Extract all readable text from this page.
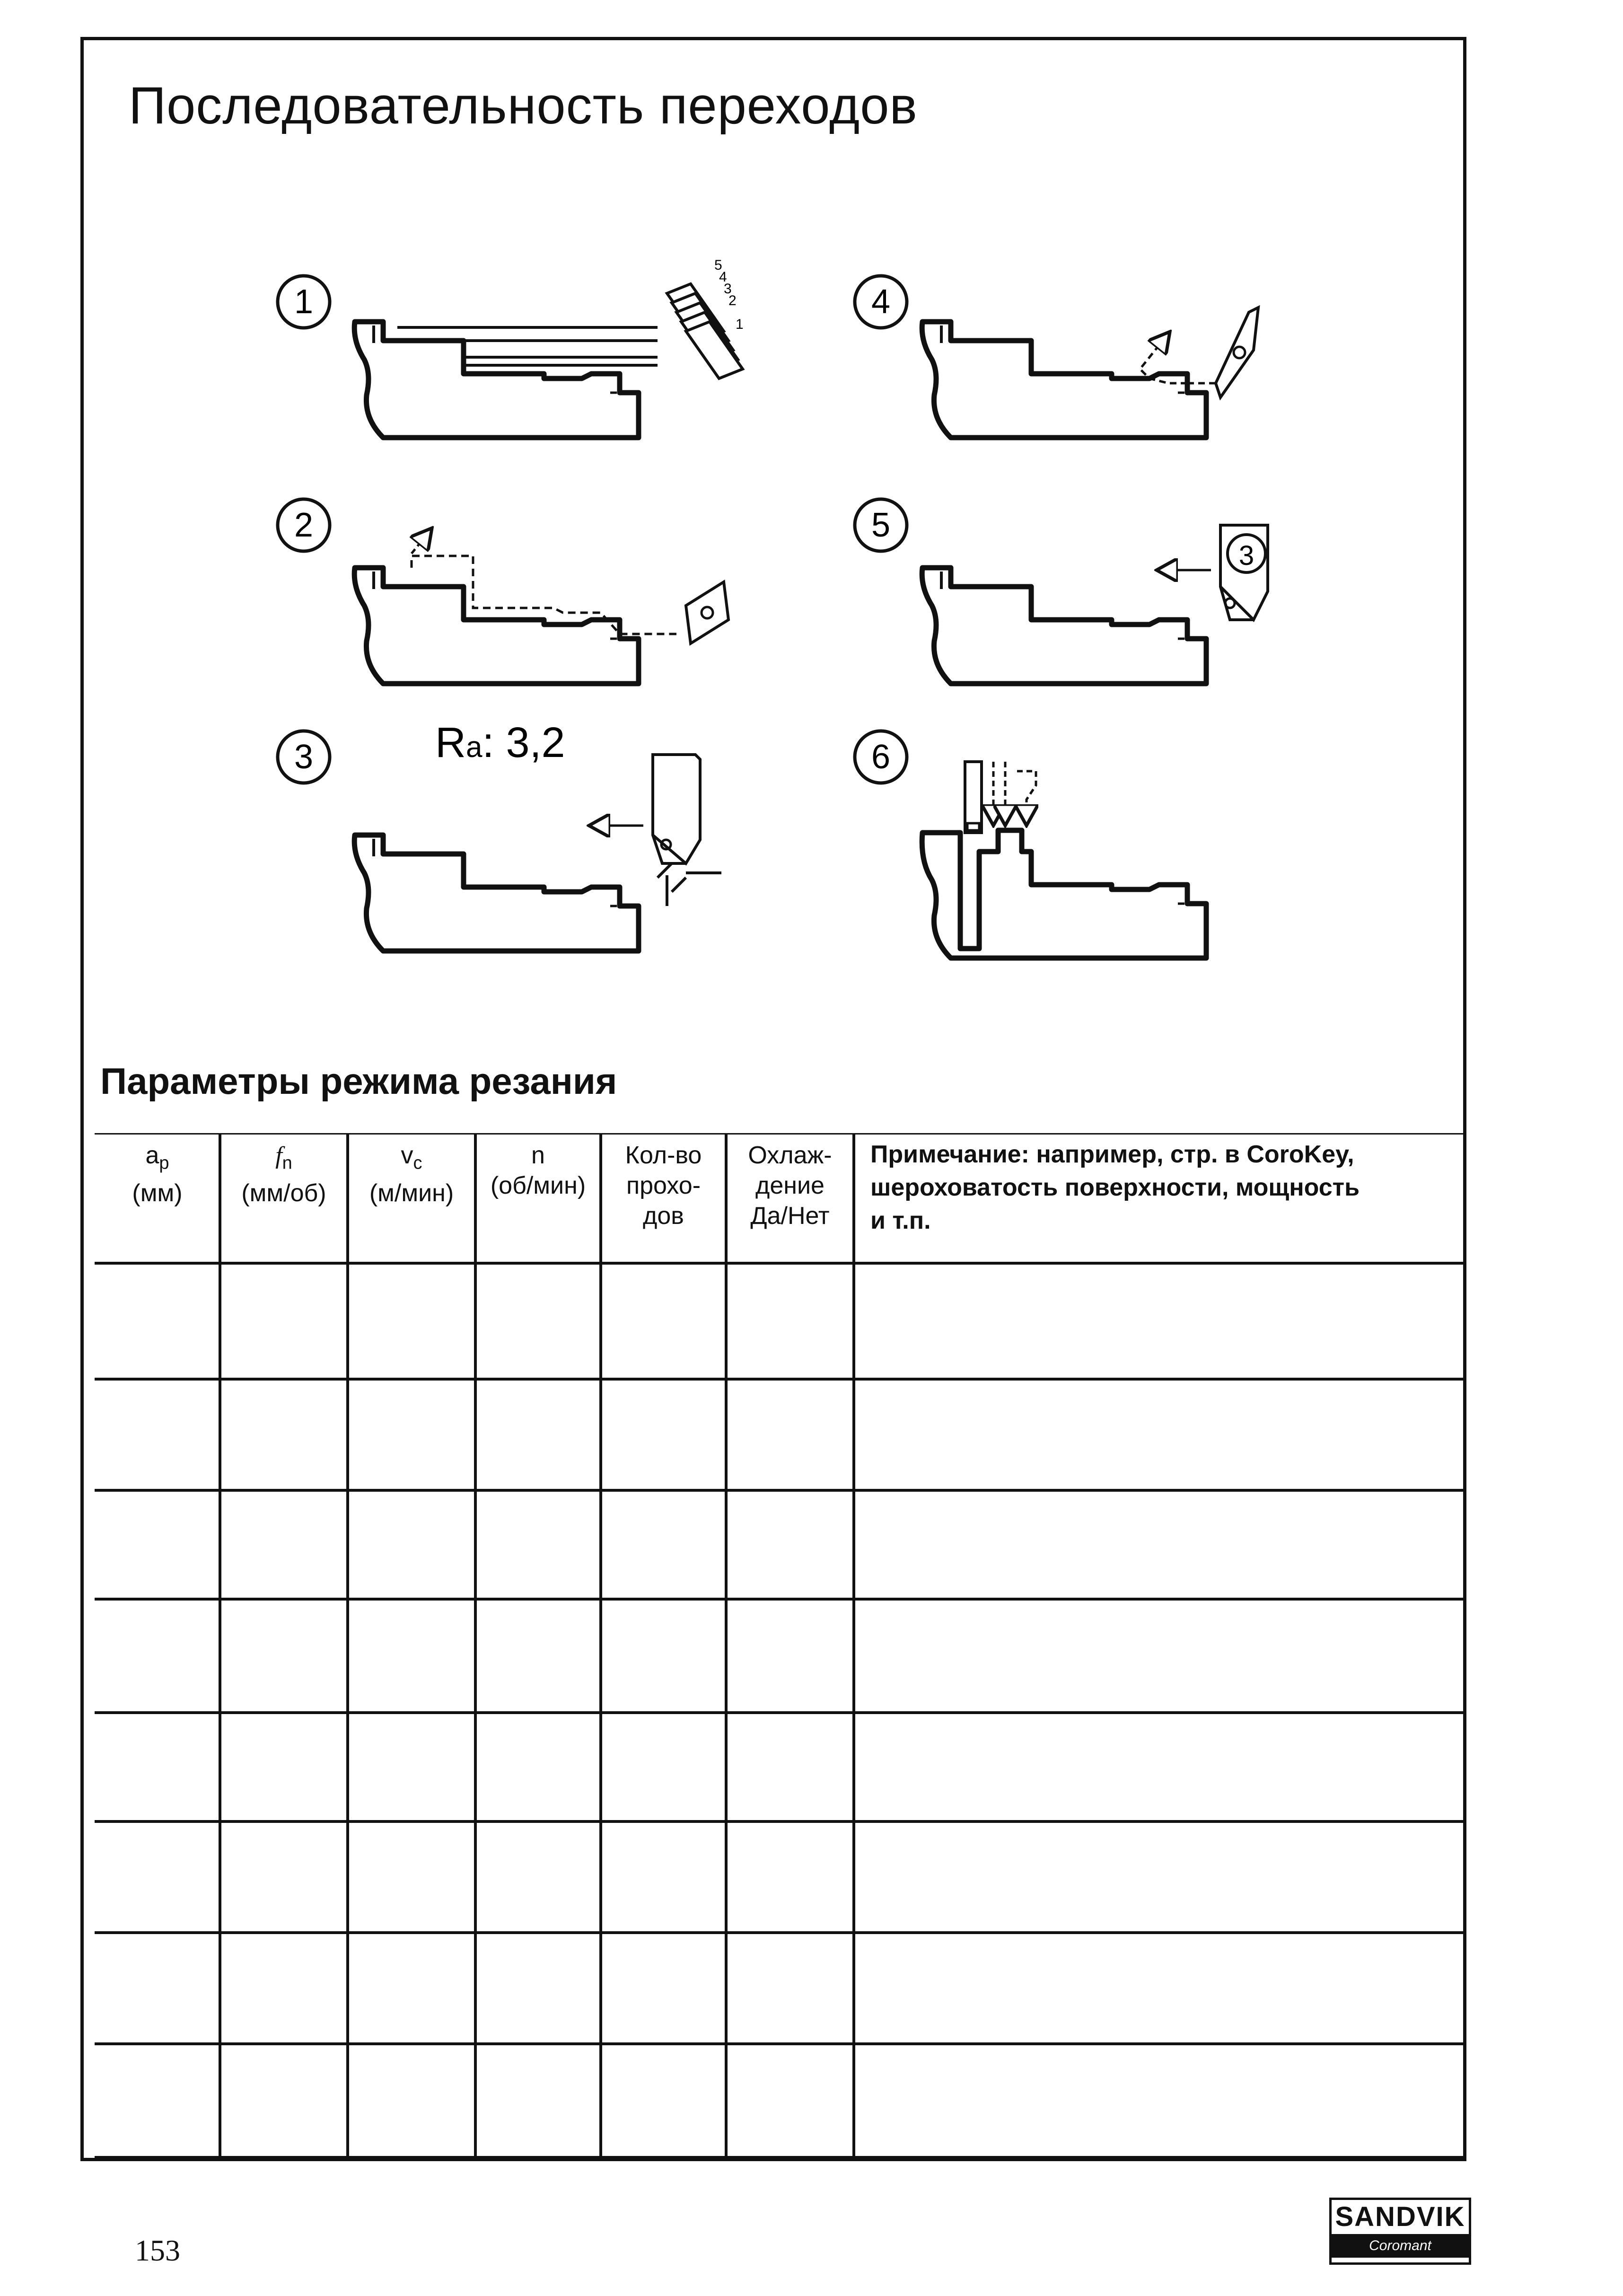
Последовательность переходов
1
5
4
3
2
1
2
3	Ra: 3,2
4
5
3
6
Параметры режима резания
$a_p$
(мм)
$f_n$
(мм/об)
$v_c$
(м/мин)
n
(об/мин)
Кол-во
прохо-
дов
Охлаж-
дение
Да/Нет
Примечание: например, стр. в CoroKey,
шероховатость поверхности, мощность
и т.п.
153
SANDVIK
Coromant
